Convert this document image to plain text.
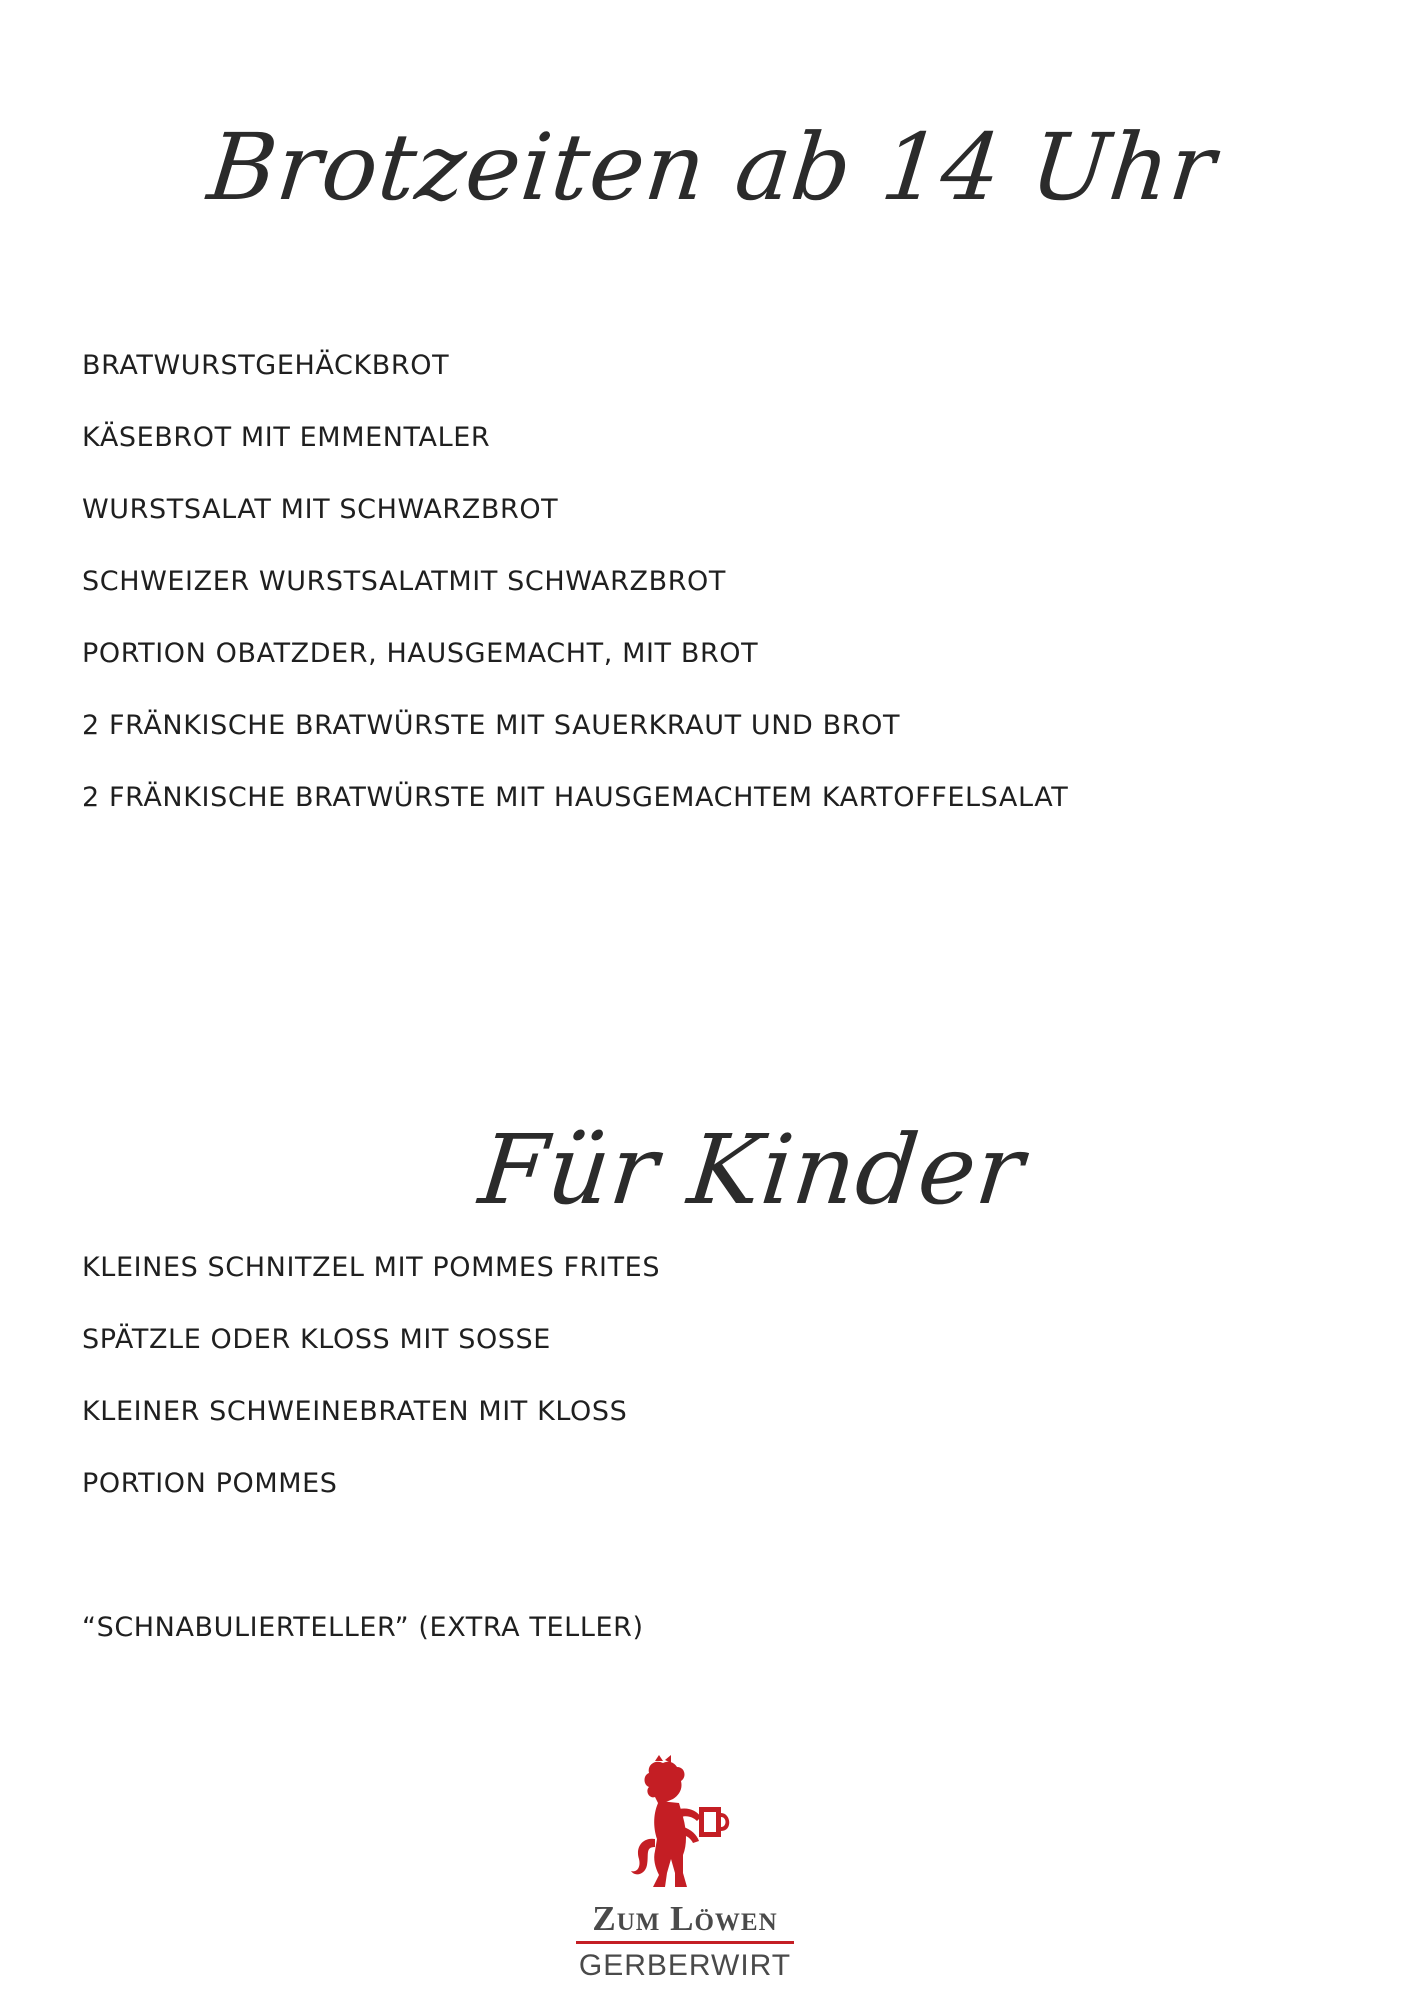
Brotzeiten ab 14 Uhr
BRATWURSTGEHÄCKBROT
KÄSEBROT MIT EMMENTALER
WURSTSALAT MIT SCHWARZBROT
SCHWEIZER WURSTSALATMIT SCHWARZBROT
PORTION OBATZDER, HAUSGEMACHT, MIT BROT
2 FRÄNKISCHE BRATWÜRSTE MIT SAUERKRAUT UND BROT
2 FRÄNKISCHE BRATWÜRSTE MIT HAUSGEMACHTEM KARTOFFELSALAT
Für Kinder
KLEINES SCHNITZEL MIT POMMES FRITES
SPÄTZLE ODER KLOSS MIT SOSSE
KLEINER SCHWEINEBRATEN MIT KLOSS
PORTION POMMES
“SCHNABULIERTELLER” (EXTRA TELLER)
Zum Löwen
GERBERWIRT
